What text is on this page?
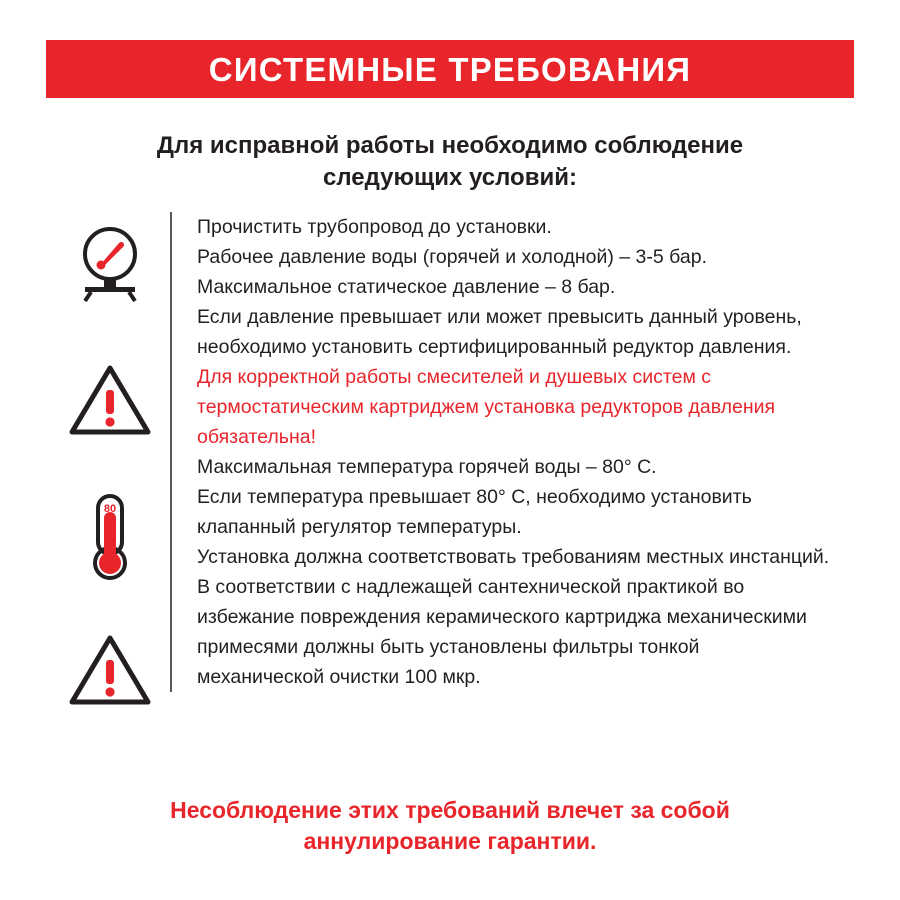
СИСТЕМНЫЕ ТРЕБОВАНИЯ
Для исправной работы необходимо соблюдение
следующих условий:
80

Прочистить трубопровод до установки.

Рабочее давление воды (горячей и холодной) – 3-5 бар.

Максимальное статическое давление – 8 бар.

Если давление превышает или может превысить данный уровень, необходимо установить сертифицированный редуктор давления.

Для корректной работы смесителей и душевых систем с термостатическим картриджем установка редукторов давления обязательна!

Максимальная температура горячей воды – 80° С.

Если температура превышает 80° С, необходимо установить клапанный регулятор температуры.

Установка должна соответствовать требованиям местных инстанций.

В соответствии с надлежащей сантехнической практикой во избежание повреждения керамического картриджа механическими примесями должны быть установлены фильтры тонкой механической очистки 100 мкр.

Несоблюдение этих требований влечет за собой
аннулирование гарантии.
